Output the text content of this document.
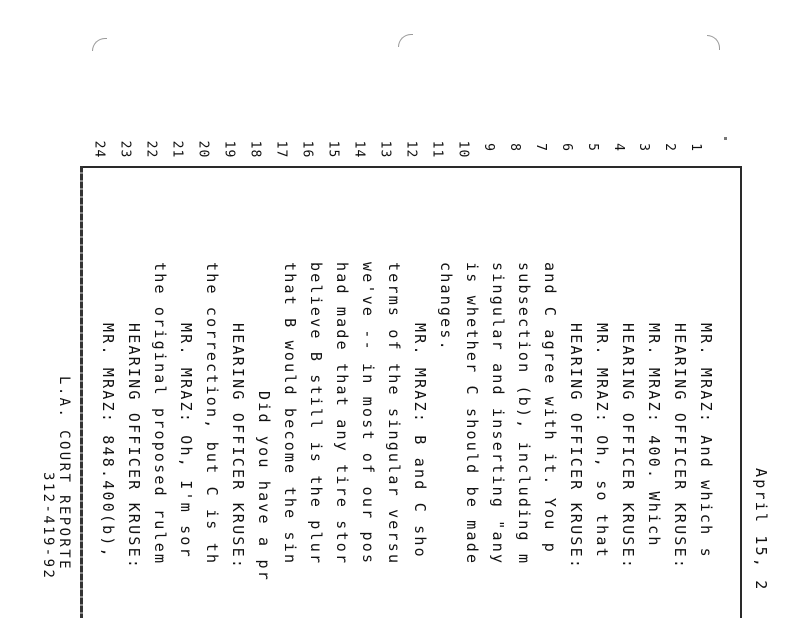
April 15, 2
1
2
3
4
5
6
7
8
9
10
11
12
13
14
15
16
17
18
19
20
21
22
23
24
MR. MRAZ: And which s
HEARING OFFICER KRUSE:
MR. MRAZ: 400. Which
HEARING OFFICER KRUSE:
MR. MRAZ: Oh, so that
HEARING OFFICER KRUSE:
and C agree with it. You p
subsection (b), including m
singular and inserting "any
is whether C should be made
changes.
MR. MRAZ: B and C sho
terms of the singular versu
we've -- in most of our pos
had made that any tire stor
believe B still is the plur
that B would become the sin
Did you have a pr
HEARING OFFICER KRUSE:
the correction, but C is th
MR. MRAZ: Oh, I'm sor
the original proposed rulem
HEARING OFFICER KRUSE:
MR. MRAZ: 848.400(b),
L.A. COURT REPORTE
312-419-92
